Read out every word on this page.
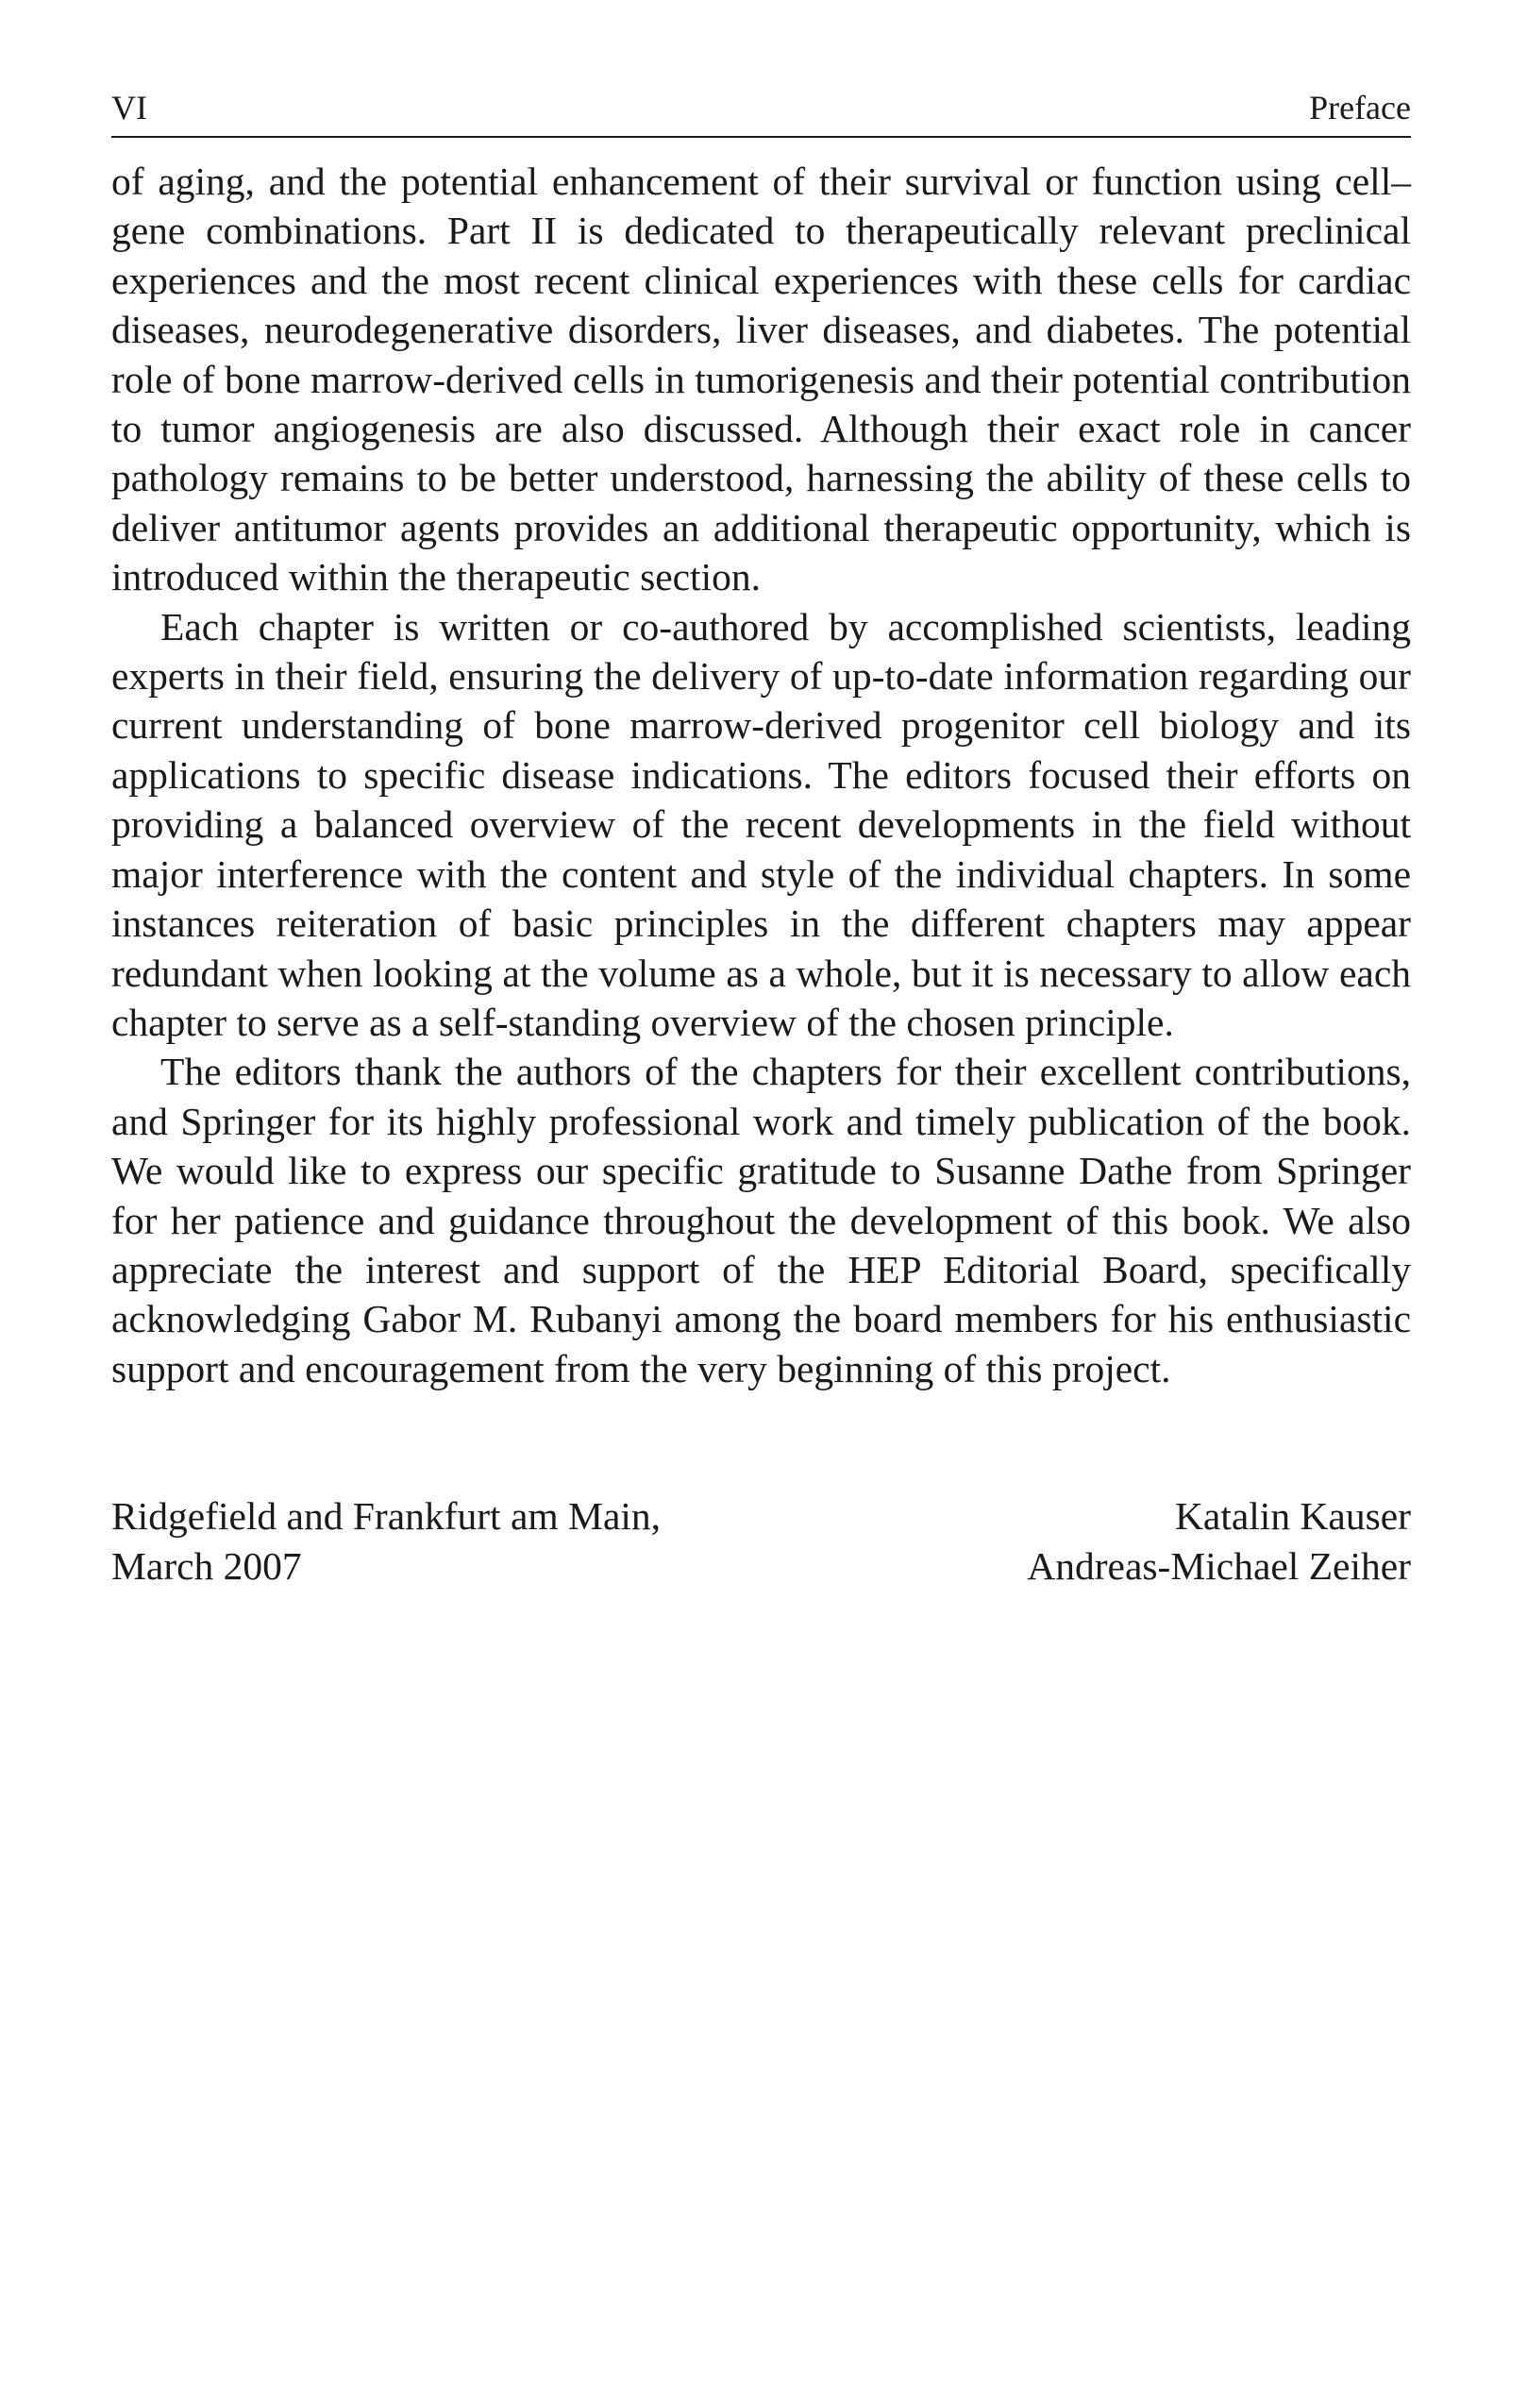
VI	Preface

of aging, and the potential enhancement of their survival or function using cell–gene combinations. Part II is dedicated to therapeutically relevant preclinical experiences and the most recent clinical experiences with these cells for cardiac diseases, neurodegenerative disorders, liver diseases, and diabetes. The potential role of bone marrow-derived cells in tumorigenesis and their potential contribution to tumor angiogenesis are also discussed. Although their exact role in cancer pathology remains to be better understood, harnessing the ability of these cells to deliver antitumor agents provides an additional therapeutic opportunity, which is introduced within the therapeutic section.

Each chapter is written or co-authored by accomplished scientists, leading experts in their field, ensuring the delivery of up-to-date information regarding our current understanding of bone marrow-derived progenitor cell biology and its applications to specific disease indications. The editors focused their efforts on providing a balanced overview of the recent developments in the field without major interference with the content and style of the individual chapters. In some instances reiteration of basic principles in the different chapters may appear redundant when looking at the volume as a whole, but it is necessary to allow each chapter to serve as a self-standing overview of the chosen principle.

The editors thank the authors of the chapters for their excellent contributions, and Springer for its highly professional work and timely publication of the book. We would like to express our specific gratitude to Susanne Dathe from Springer for her patience and guidance throughout the development of this book. We also appreciate the interest and support of the HEP Editorial Board, specifically acknowledging Gabor M. Rubanyi among the board members for his enthusiastic support and encouragement from the very beginning of this project.

Ridgefield and Frankfurt am Main,
March 2007
Katalin Kauser
Andreas-Michael Zeiher
